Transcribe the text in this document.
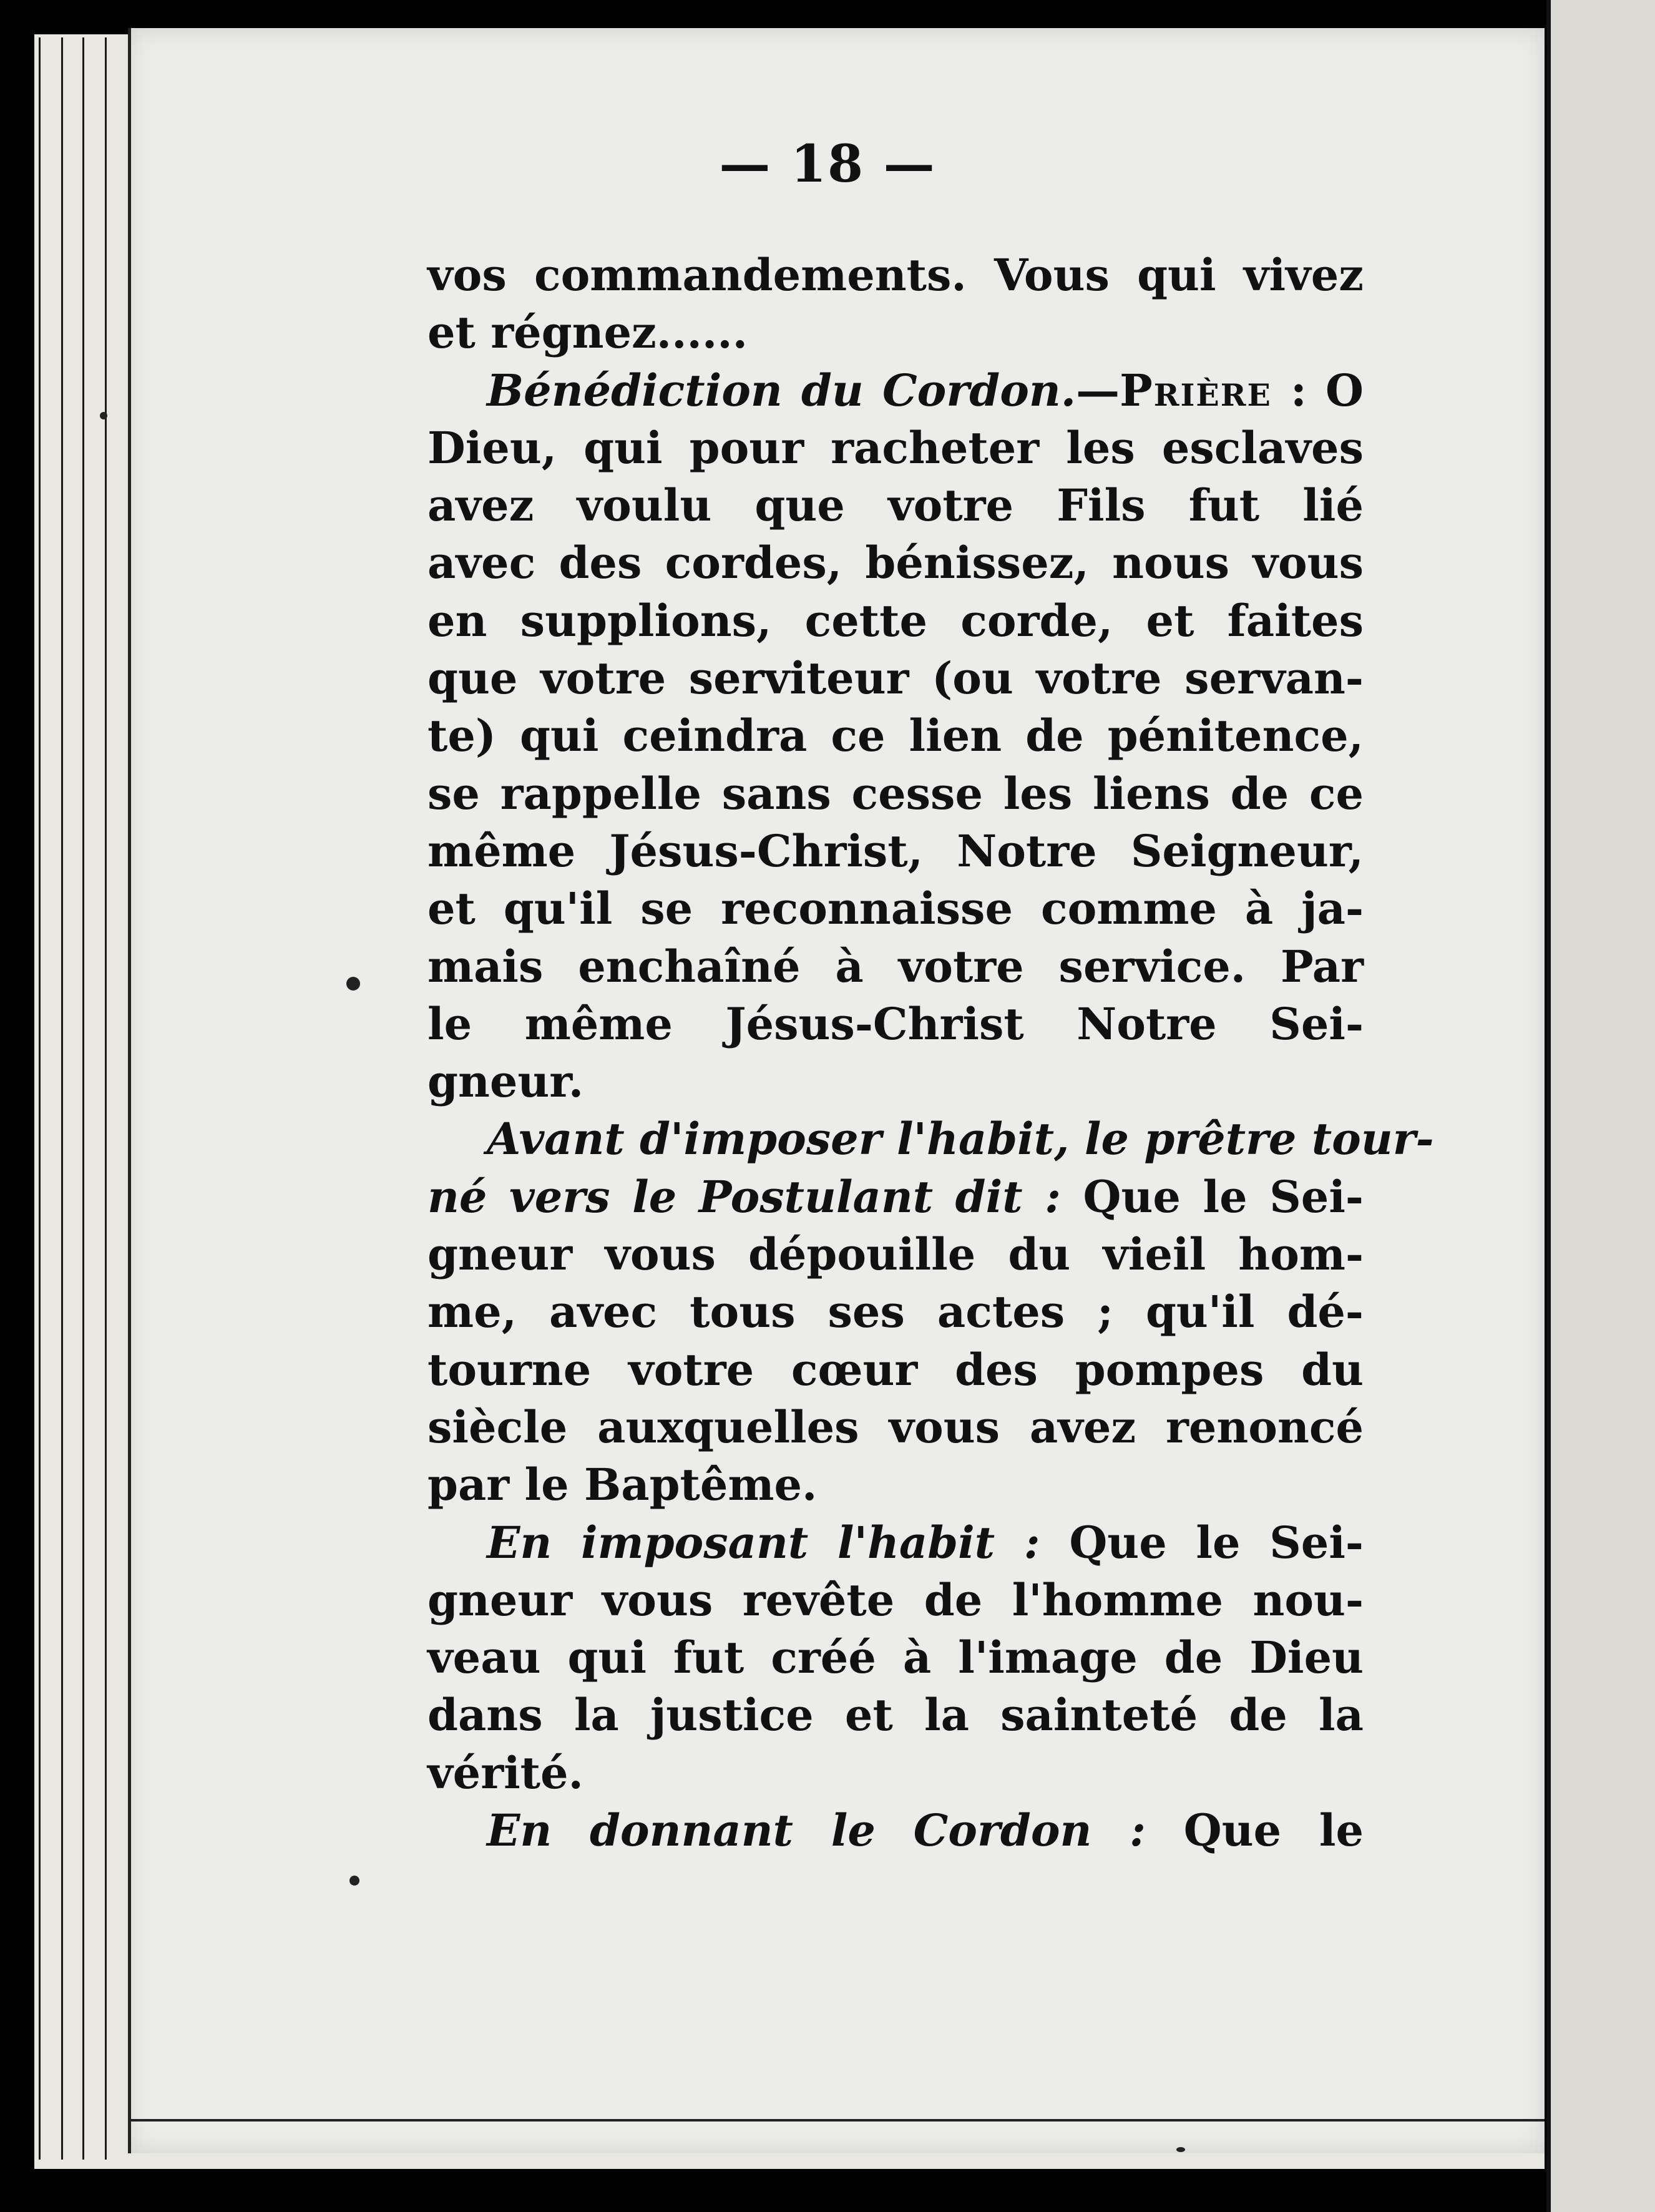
— 18 —
vos commandements. Vous qui vivez
et régnez......
Bénédiction du Cordon.—Prière : O
Dieu, qui pour racheter les esclaves
avez voulu que votre Fils fut lié
avec des cordes, bénissez, nous vous
en supplions, cette corde, et faites
que votre serviteur (ou votre servan-
te) qui ceindra ce lien de pénitence,
se rappelle sans cesse les liens de ce
même Jésus-Christ, Notre Seigneur,
et qu'il se reconnaisse comme à ja-
mais enchaîné à votre service. Par
le même Jésus-Christ Notre Sei-
gneur.
Avant d'imposer l'habit, le prêtre tour-
né vers le Postulant dit : Que le Sei-
gneur vous dépouille du vieil hom-
me, avec tous ses actes ; qu'il dé-
tourne votre cœur des pompes du
siècle auxquelles vous avez renoncé
par le Baptême.
En imposant l'habit : Que le Sei-
gneur vous revête de l'homme nou-
veau qui fut créé à l'image de Dieu
dans la justice et la sainteté de la
vérité.
En donnant le Cordon : Que le
